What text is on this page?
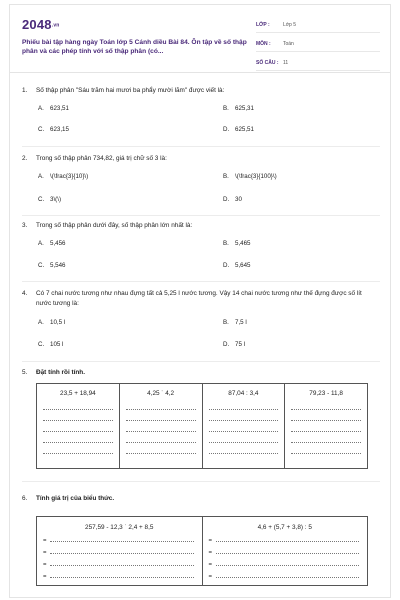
2048.vn
Phiếu bài tập hàng ngày Toán lớp 5 Cánh diều Bài 84. Ôn tập về số thập phân và các phép tính với số thập phân (có...
LỚP :	Lớp 5
MÔN : Toán
SỐ CÂU : 11
1. Số thập phân "Sáu trăm hai mươi ba phẩy mười lăm" được viết là:
A. 623,51	B. 625,31
C. 623,15	D. 625,51
2. Trong số thập phân 734,82, giá trị chữ số 3 là:
A. \(\frac{3}{10}\)	B. \(\frac{3}{100}\)
C. 3\(\)	D. 30
3. Trong số thập phân dưới đây, số thập phân lớn nhất là:
A. 5,456	B. 5,465
C. 5,546	D. 5,645
4. Có 7 chai nước tương như nhau đựng tất cả 5,25 l nước tương. Vậy 14 chai nước tương như thế đựng được số lít nước tương là:
A. 10,5 l	B. 7,5 l
C. 105 l	D. 75 l
5. Đặt tính rồi tính.
23,5 + 18,94	4,25 ˙ 4,2	87,04 : 3,4	79,23 - 11,8
6. Tính giá trị của biểu thức.
257,59 - 12,3 ˙ 2,4 + 8,5
=
=
=
=
4,6 + (5,7 + 3,8) : 5
=
=
=
=
